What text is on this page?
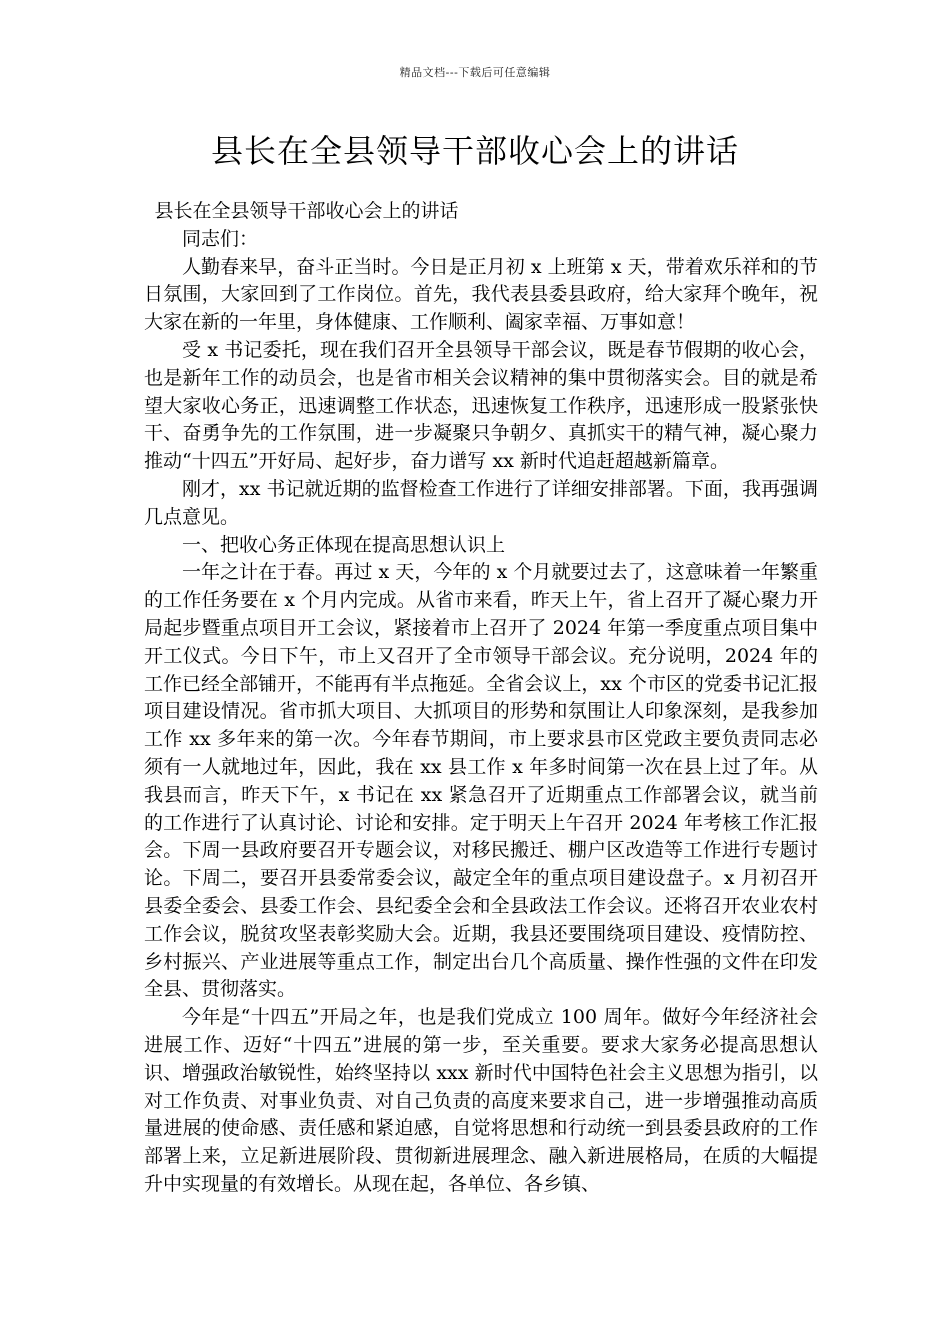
精品文档---下载后可任意编辑
县长在全县领导干部收心会上的讲话

县长在全县领导干部收心会上的讲话

同志们：

人勤春来早，奋斗正当时。今日是正月初 x 上班第 x 天，带着欢乐祥和的节日氛围，大家回到了工作岗位。首先，我代表县委县政府，给大家拜个晚年，祝大家在新的一年里，身体健康、工作顺利、阖家幸福、万事如意！

受 x 书记委托，现在我们召开全县领导干部会议，既是春节假期的收心会，也是新年工作的动员会，也是省市相关会议精神的集中贯彻落实会。目的就是希望大家收心务正，迅速调整工作状态，迅速恢复工作秩序，迅速形成一股紧张快干、奋勇争先的工作氛围，进一步凝聚只争朝夕、真抓实干的精气神，凝心聚力推动“十四五”开好局、起好步，奋力谱写 xx 新时代追赶超越新篇章。

刚才，xx 书记就近期的监督检查工作进行了详细安排部署。下面，我再强调几点意见。

一、把收心务正体现在提高思想认识上

一年之计在于春。再过 x 天，今年的 x 个月就要过去了，这意味着一年繁重的工作任务要在 x 个月内完成。从省市来看，昨天上午，省上召开了凝心聚力开局起步暨重点项目开工会议，紧接着市上召开了 2024 年第一季度重点项目集中开工仪式。今日下午，市上又召开了全市领导干部会议。充分说明，2024 年的工作已经全部铺开，不能再有半点拖延。全省会议上，xx 个市区的党委书记汇报项目建设情况。省市抓大项目、大抓项目的形势和氛围让人印象深刻，是我参加工作 xx 多年来的第一次。今年春节期间，市上要求县市区党政主要负责同志必须有一人就地过年，因此，我在 xx 县工作 x 年多时间第一次在县上过了年。从我县而言，昨天下午，x 书记在 xx 紧急召开了近期重点工作部署会议，就当前的工作进行了认真讨论、讨论和安排。定于明天上午召开 2024 年考核工作汇报会。下周一县政府要召开专题会议，对移民搬迁、棚户区改造等工作进行专题讨论。下周二，要召开县委常委会议，敲定全年的重点项目建设盘子。x 月初召开县委全委会、县委工作会、县纪委全会和全县政法工作会议。还将召开农业农村工作会议，脱贫攻坚表彰奖励大会。近期，我县还要围绕项目建设、疫情防控、乡村振兴、产业进展等重点工作，制定出台几个高质量、操作性强的文件在印发全县、贯彻落实。

今年是“十四五”开局之年，也是我们党成立 100 周年。做好今年经济社会进展工作、迈好“十四五”进展的第一步，至关重要。要求大家务必提高思想认识、增强政治敏锐性，始终坚持以 xxx 新时代中国特色社会主义思想为指引，以对工作负责、对事业负责、对自己负责的高度来要求自己，进一步增强推动高质量进展的使命感、责任感和紧迫感，自觉将思想和行动统一到县委县政府的工作部署上来，立足新进展阶段、贯彻新进展理念、融入新进展格局，在质的大幅提升中实现量的有效增长。从现在起，各单位、各乡镇、
